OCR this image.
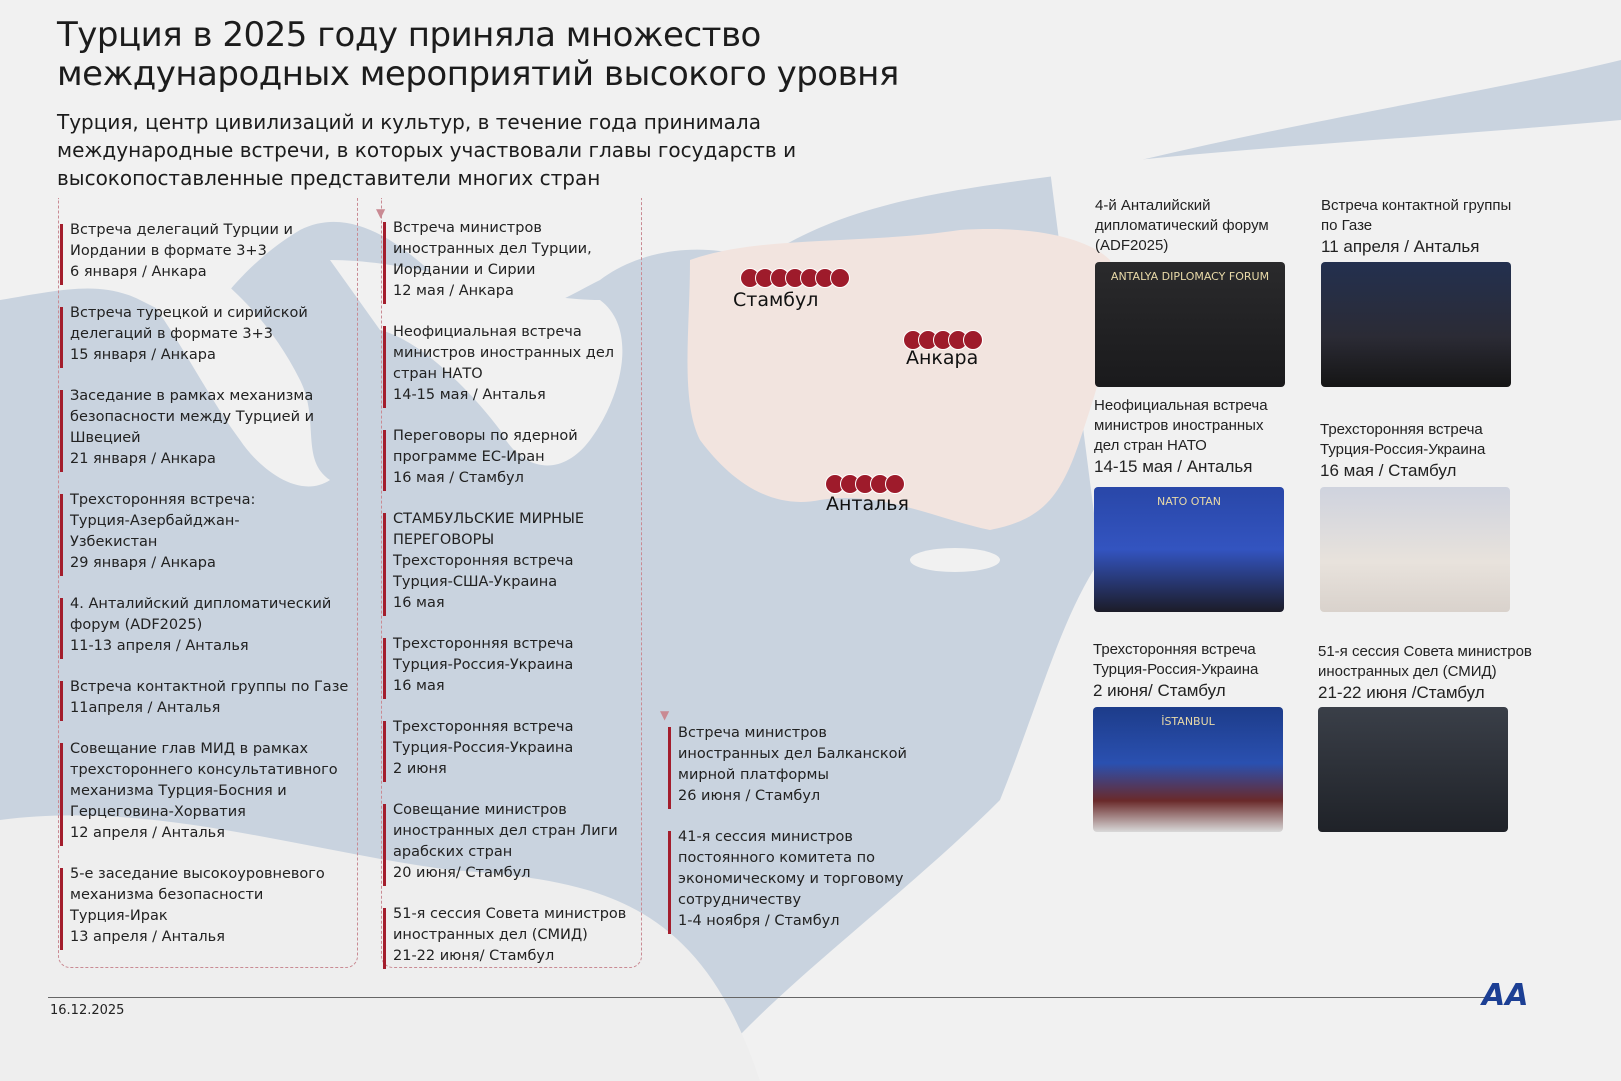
Турция в 2025 году приняла множество
международных мероприятий высокого уровня
Турция, центр цивилизаций и культур, в течение года принимала международные встречи, в которых участвовали главы государств и высокопоставленные представители многих стран
▼
▼
Встреча делегаций Турции и
Иордании в формате 3+3
6 января / Анкара
Встреча турецкой и сирийской
делегаций в формате 3+3
15 января / Анкара
Заседание в рамках механизма
безопасности между Турцией и
Швецией
21 января / Анкара
Трехсторонняя встреча:
Турция-Азербайджан-
Узбекистан
29 января / Анкара
4. Анталийский дипломатический
форум (ADF2025)
11-13 апреля / Анталья
Встреча контактной группы по Газе
11апреля / Анталья
Совещание глав МИД в рамках
трехстороннего консультативного
механизма Турция-Босния и
Герцеговина-Хорватия
12 апреля / Анталья
5-е заседание высокоуровневого
механизма безопасности
Турция-Ирак
13 апреля / Анталья
Встреча министров
иностранных дел Турции,
Иордании и Сирии
12 мая / Анкара
Неофициальная встреча
министров иностранных дел
стран НАТО
14-15 мая / Анталья
Переговоры по ядерной
программе ЕС-Иран
16 мая / Стамбул
СТАМБУЛЬСКИЕ МИРНЫЕ
ПЕРЕГОВОРЫ
Трехсторонняя встреча
Турция-США-Украина
16 мая
Трехсторонняя встреча
Турция-Россия-Украина
16 мая
Трехсторонняя встреча
Турция-Россия-Украина
2 июня
Совещание министров
иностранных дел стран Лиги
арабских стран
20 июня/ Стамбул
51-я сессия Совета министров
иностранных дел (СМИД)
21-22 июня/ Стамбул
Встреча министров
иностранных дел Балканской
мирной платформы
26 июня / Стамбул
41-я сессия министров
постоянного комитета по
экономическому и торговому
сотрудничеству
1-4 ноября / Стамбул
Стамбул
Анкара
Анталья
ANTALYA DIPLOMACY FORUM
4-й Анталийский
дипломатический форум
(ADF2025)
Встреча контактной группы
по Газе
11 апреля / Анталья
NATO OTAN
Неофициальная встреча
министров иностранных
дел стран НАТО
14-15 мая / Анталья
Трехсторонняя встреча
Турция-Россия-Украина
16 мая / Стамбул
İSTANBUL
Трехсторонняя встреча
Турция-Россия-Украина
2 июня/ Стамбул
51-я сессия Совета министров
иностранных дел (СМИД)
21-22 июня /Стамбул
16.12.2025	AA
